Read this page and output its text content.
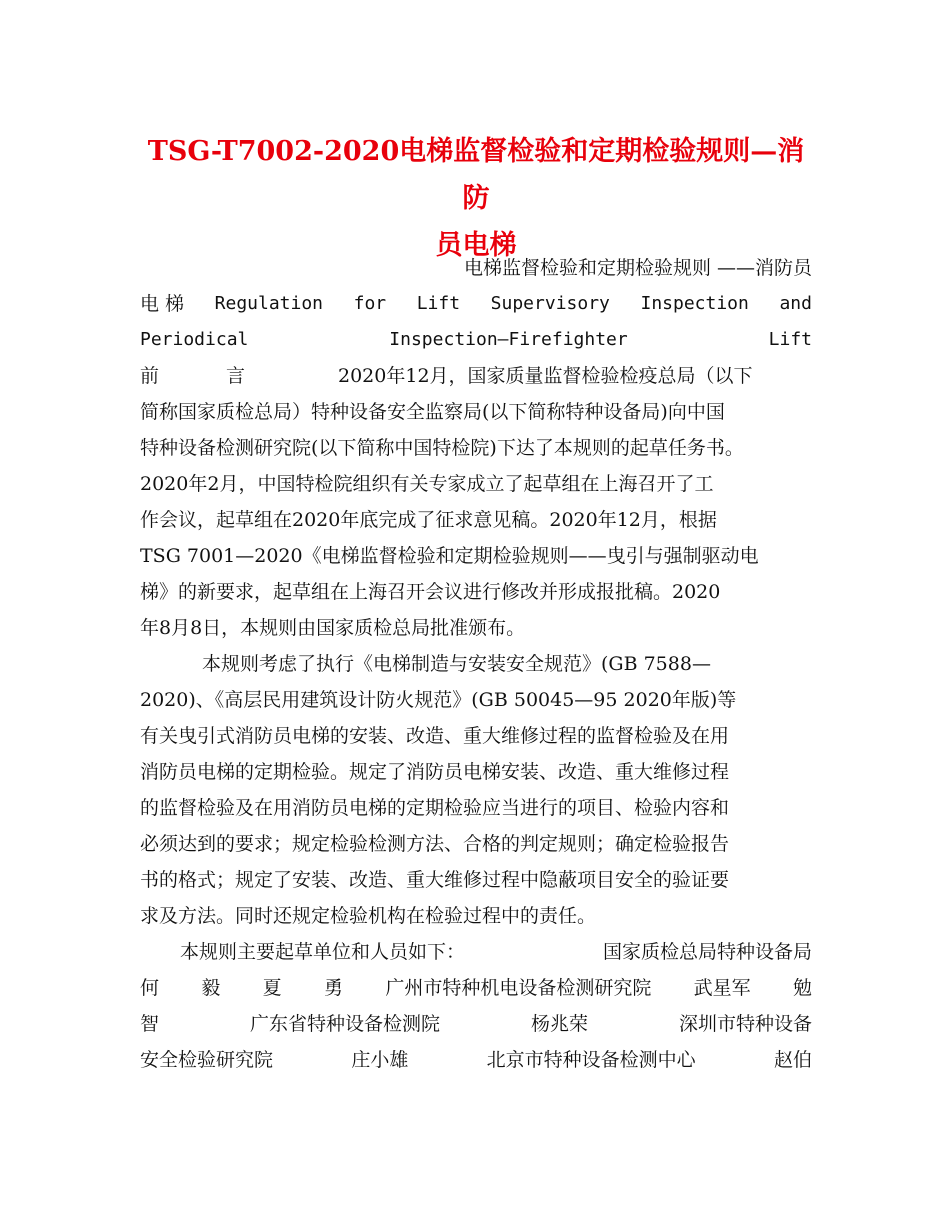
TSG-T7002-2020电梯监督检验和定期检验规则—消防
员电梯
电梯监督检验和定期检验规则 ——消防员
电 梯 Regulation for Lift Supervisory Inspection and
Periodical	Inspection—Firefighter	Lift
前	言	2020年12月，国家质量监督检验检疫总局（以下
简称国家质检总局）特种设备安全监察局(以下简称特种设备局)向中国
特种设备检测研究院(以下简称中国特检院)下达了本规则的起草任务书。
2020年2月，中国特检院组织有关专家成立了起草组在上海召开了工
作会议，起草组在2020年底完成了征求意见稿。2020年12月，根据
TSG 7001—2020《电梯监督检验和定期检验规则——曳引与强制驱动电
梯》的新要求，起草组在上海召开会议进行修改并形成报批稿。2020
年8月8日，本规则由国家质检总局批准颁布。
本规则考虑了执行《电梯制造与安装安全规范》(GB 7588—
2020)、《高层民用建筑设计防火规范》(GB 50045—95 2020年版)等
有关曳引式消防员电梯的安装、改造、重大维修过程的监督检验及在用
消防员电梯的定期检验。规定了消防员电梯安装、改造、重大维修过程
的监督检验及在用消防员电梯的定期检验应当进行的项目、检验内容和
必须达到的要求；规定检验检测方法、合格的判定规则；确定检验报告
书的格式；规定了安装、改造、重大维修过程中隐蔽项目安全的验证要
求及方法。同时还规定检验机构在检验过程中的责任。
本规则主要起草单位和人员如下：	国家质检总局特种设备局
何 毅 夏 勇 广州市特种机电设备检测研究院 武星军 勉
智	广东省特种设备检测院	杨兆荣	深圳市特种设备
安全检验研究院	庄小雄	北京市特种设备检测中心	赵伯
